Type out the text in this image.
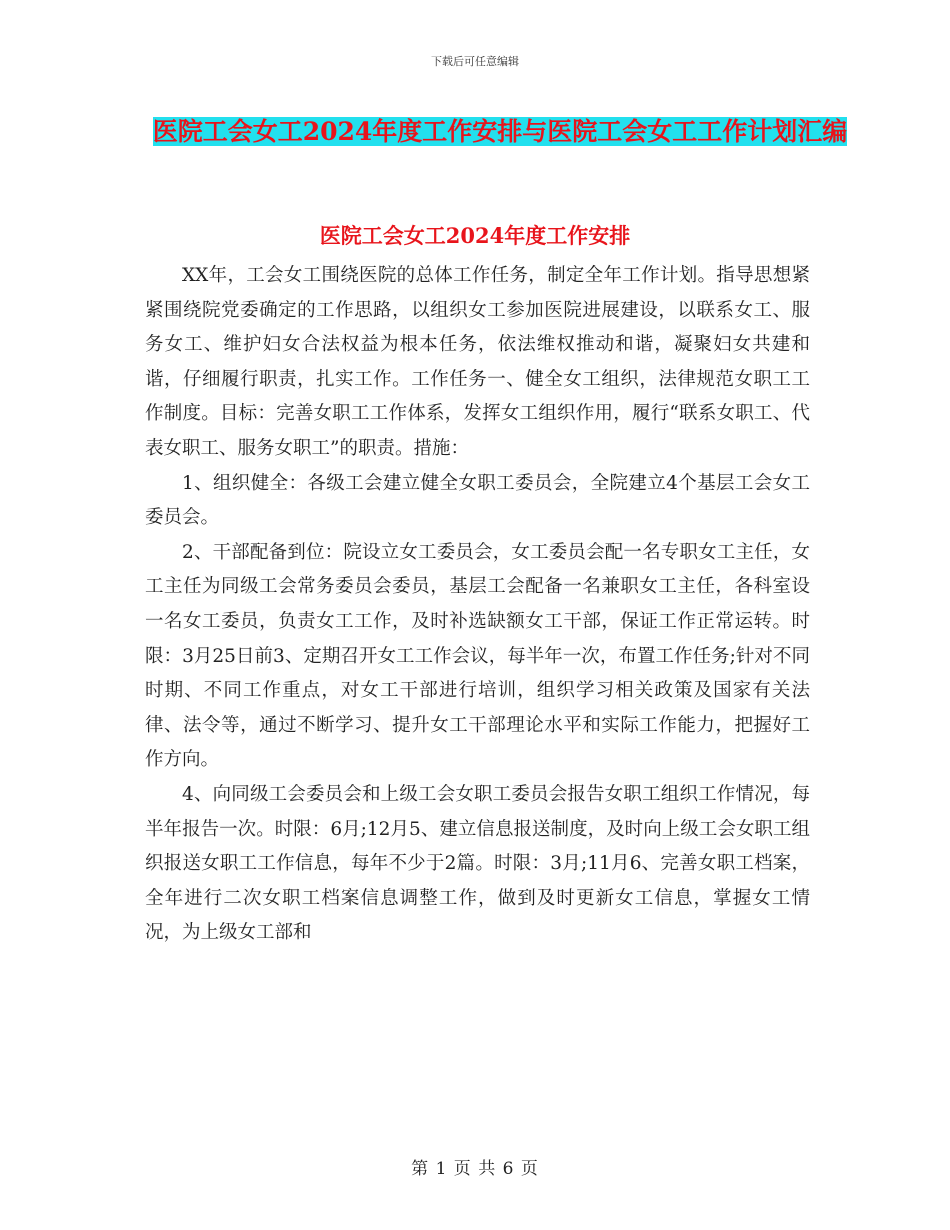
下载后可任意编辑
医院工会女工2024年度工作安排与医院工会女工工作计划汇编
医院工会女工2024年度工作安排

XX年，工会女工围绕医院的总体工作任务，制定全年工作计划。指导思想紧紧围绕院党委确定的工作思路，以组织女工参加医院进展建设，以联系女工、服务女工、维护妇女合法权益为根本任务，依法维权推动和谐，凝聚妇女共建和谐，仔细履行职责，扎实工作。工作任务一、健全女工组织，法律规范女职工工作制度。目标：完善女职工工作体系，发挥女工组织作用，履行“联系女职工、代表女职工、服务女职工”的职责。措施：

1、组织健全：各级工会建立健全女职工委员会，全院建立4个基层工会女工委员会。

2、干部配备到位：院设立女工委员会，女工委员会配一名专职女工主任，女工主任为同级工会常务委员会委员，基层工会配备一名兼职女工主任，各科室设一名女工委员，负责女工工作，及时补选缺额女工干部，保证工作正常运转。时限：3月25日前3、定期召开女工工作会议，每半年一次，布置工作任务;针对不同时期、不同工作重点，对女工干部进行培训，组织学习相关政策及国家有关法律、法令等，通过不断学习、提升女工干部理论水平和实际工作能力，把握好工作方向。

4、向同级工会委员会和上级工会女职工委员会报告女职工组织工作情况，每半年报告一次。时限：6月;12月5、建立信息报送制度，及时向上级工会女职工组织报送女职工工作信息，每年不少于2篇。时限：3月;11月6、完善女职工档案，全年进行二次女职工档案信息调整工作，做到及时更新女工信息，掌握女工情况，为上级女工部和

第 1 页 共 6 页
